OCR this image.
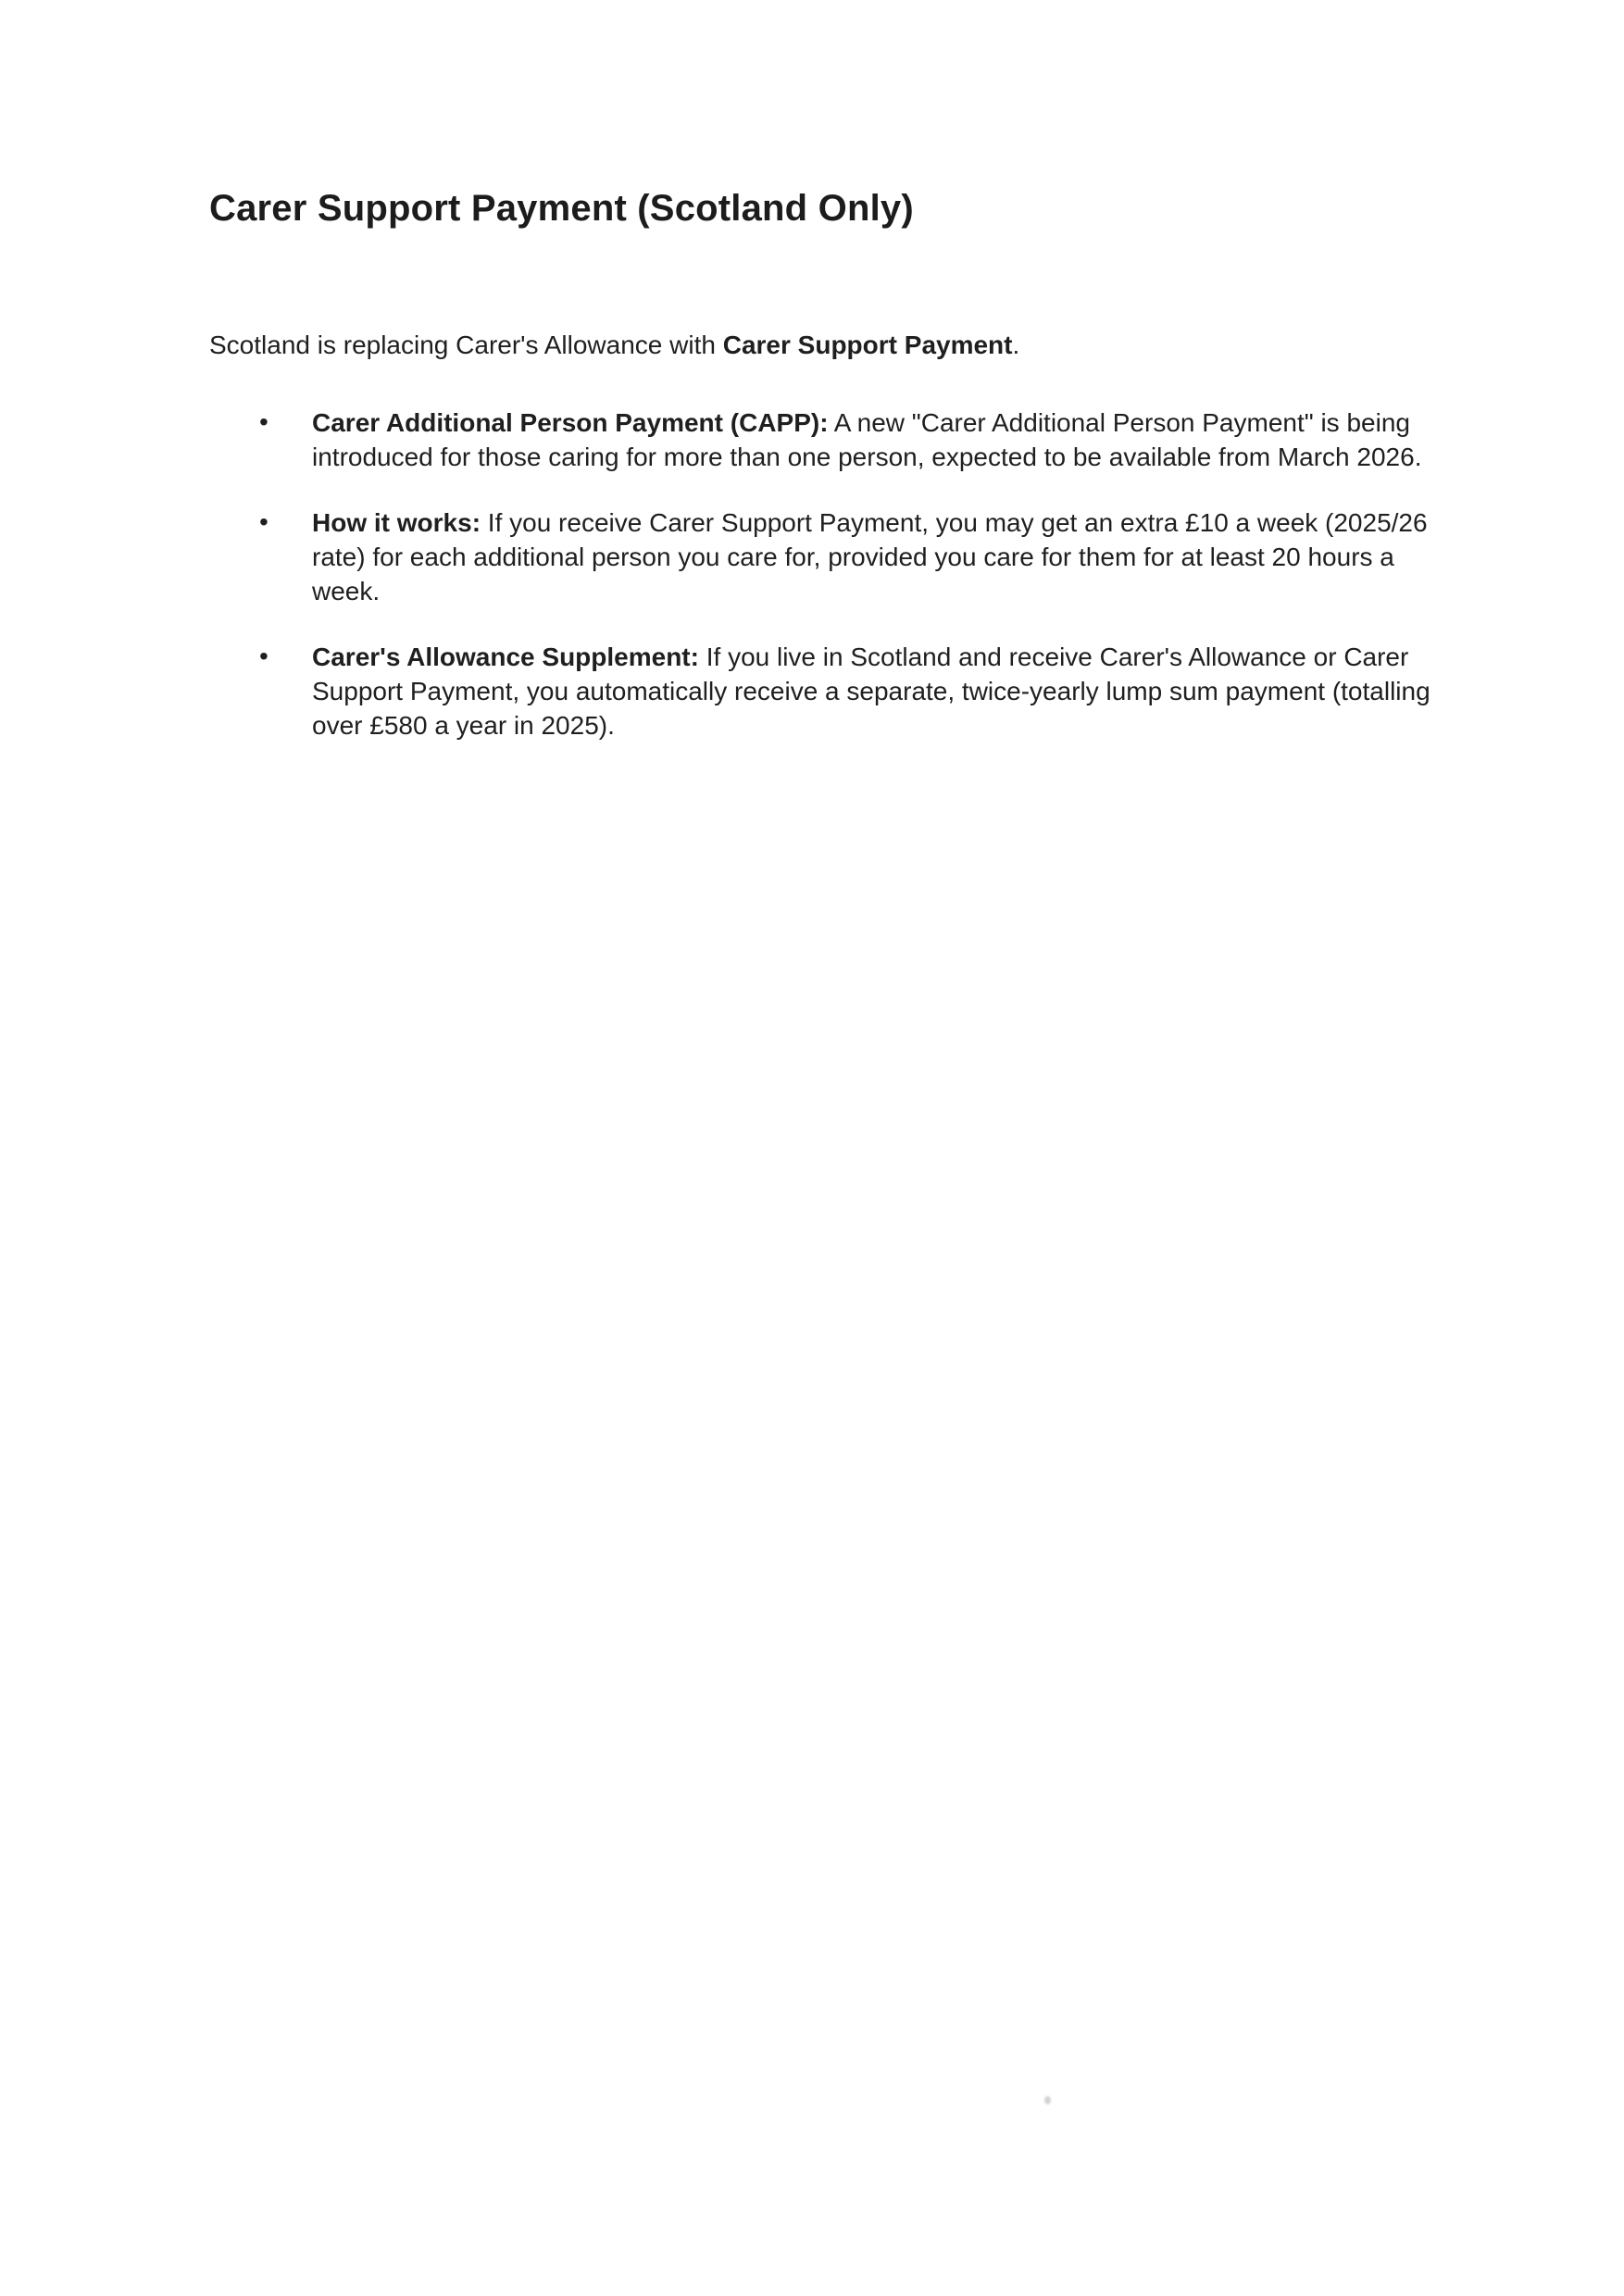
Carer Support Payment (Scotland Only)

Scotland is replacing Carer's Allowance with Carer Support Payment.

• Carer Additional Person Payment (CAPP): A new "Carer Additional Person Payment" is being introduced for those caring for more than one person, expected to be available from March 2026.
• How it works: If you receive Carer Support Payment, you may get an extra £10 a week (2025/26 rate) for each additional person you care for, provided you care for them for at least 20 hours a week.
• Carer's Allowance Supplement: If you live in Scotland and receive Carer's Allowance or Carer Support Payment, you automatically receive a separate, twice-yearly lump sum payment (totalling over £580 a year in 2025).
